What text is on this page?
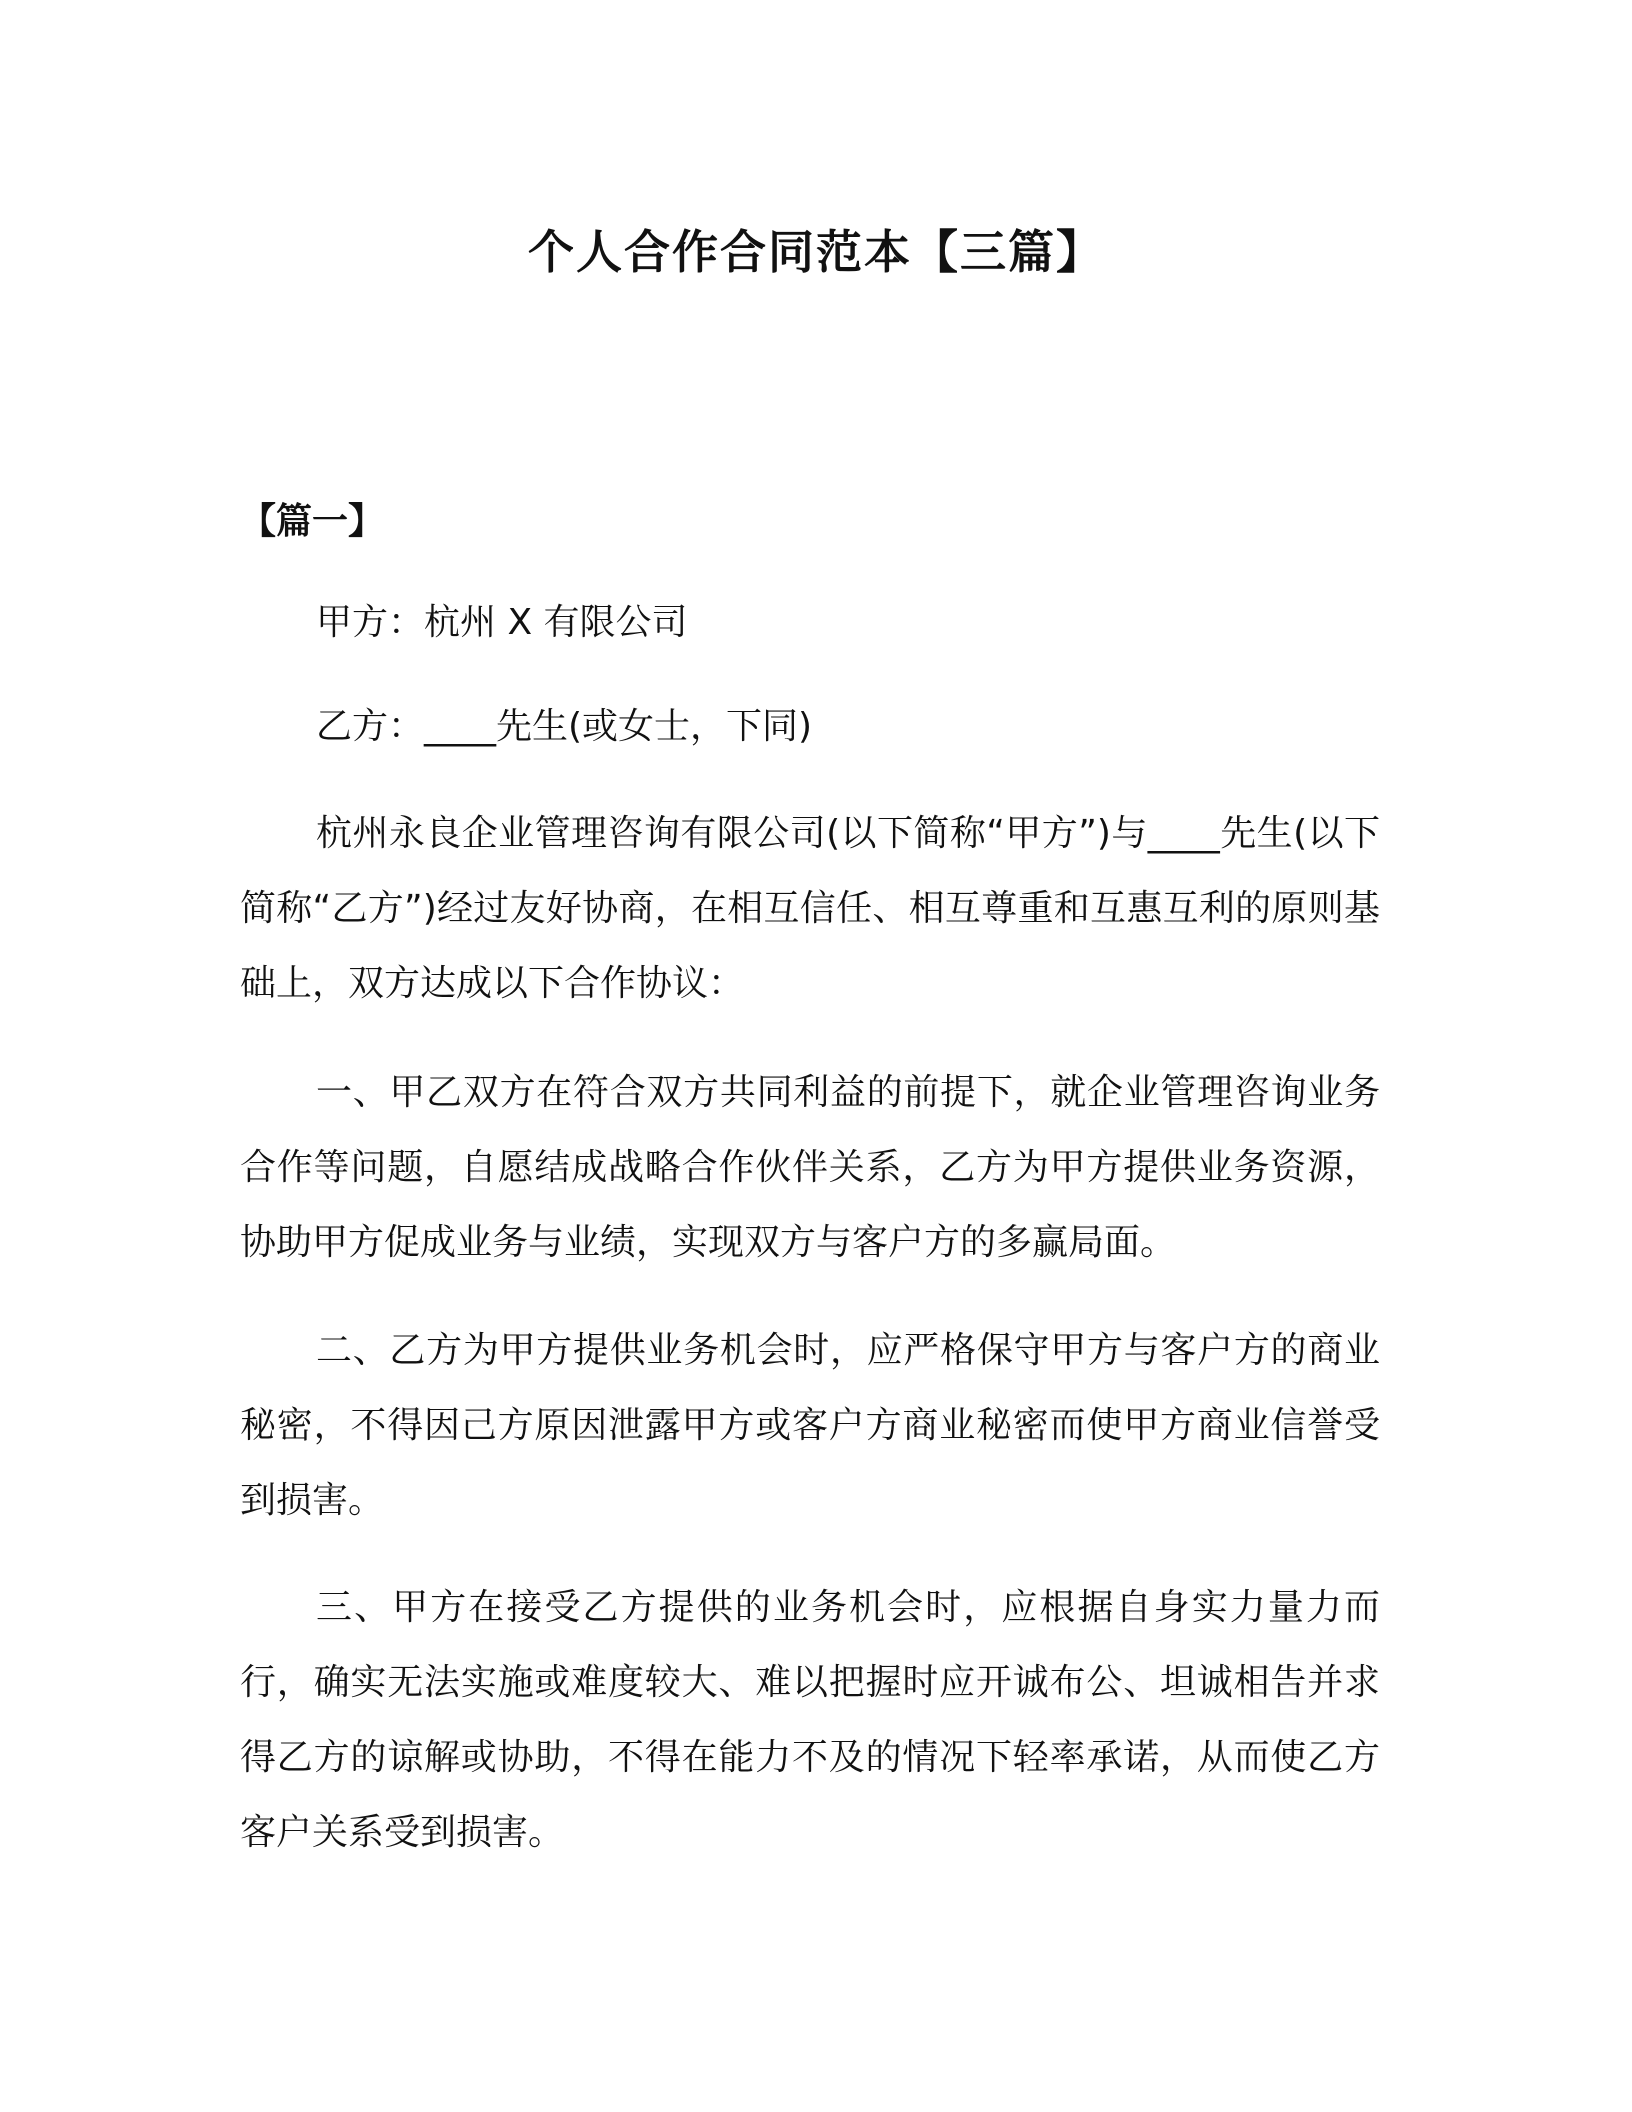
个人合作合同范本【三篇】

【篇一】

甲方：杭州 X 有限公司

乙方：____先生(或女士，下同)

杭州永良企业管理咨询有限公司(以下简称“甲方”)与____先生(以下简称“乙方”)经过友好协商，在相互信任、相互尊重和互惠互利的原则基础上，双方达成以下合作协议：

一、甲乙双方在符合双方共同利益的前提下，就企业管理咨询业务合作等问题，自愿结成战略合作伙伴关系，乙方为甲方提供业务资源，协助甲方促成业务与业绩，实现双方与客户方的多赢局面。

二、乙方为甲方提供业务机会时，应严格保守甲方与客户方的商业秘密，不得因己方原因泄露甲方或客户方商业秘密而使甲方商业信誉受到损害。

三、甲方在接受乙方提供的业务机会时，应根据自身实力量力而行，确实无法实施或难度较大、难以把握时应开诚布公、坦诚相告并求得乙方的谅解或协助，不得在能力不及的情况下轻率承诺，从而使乙方客户关系受到损害。
